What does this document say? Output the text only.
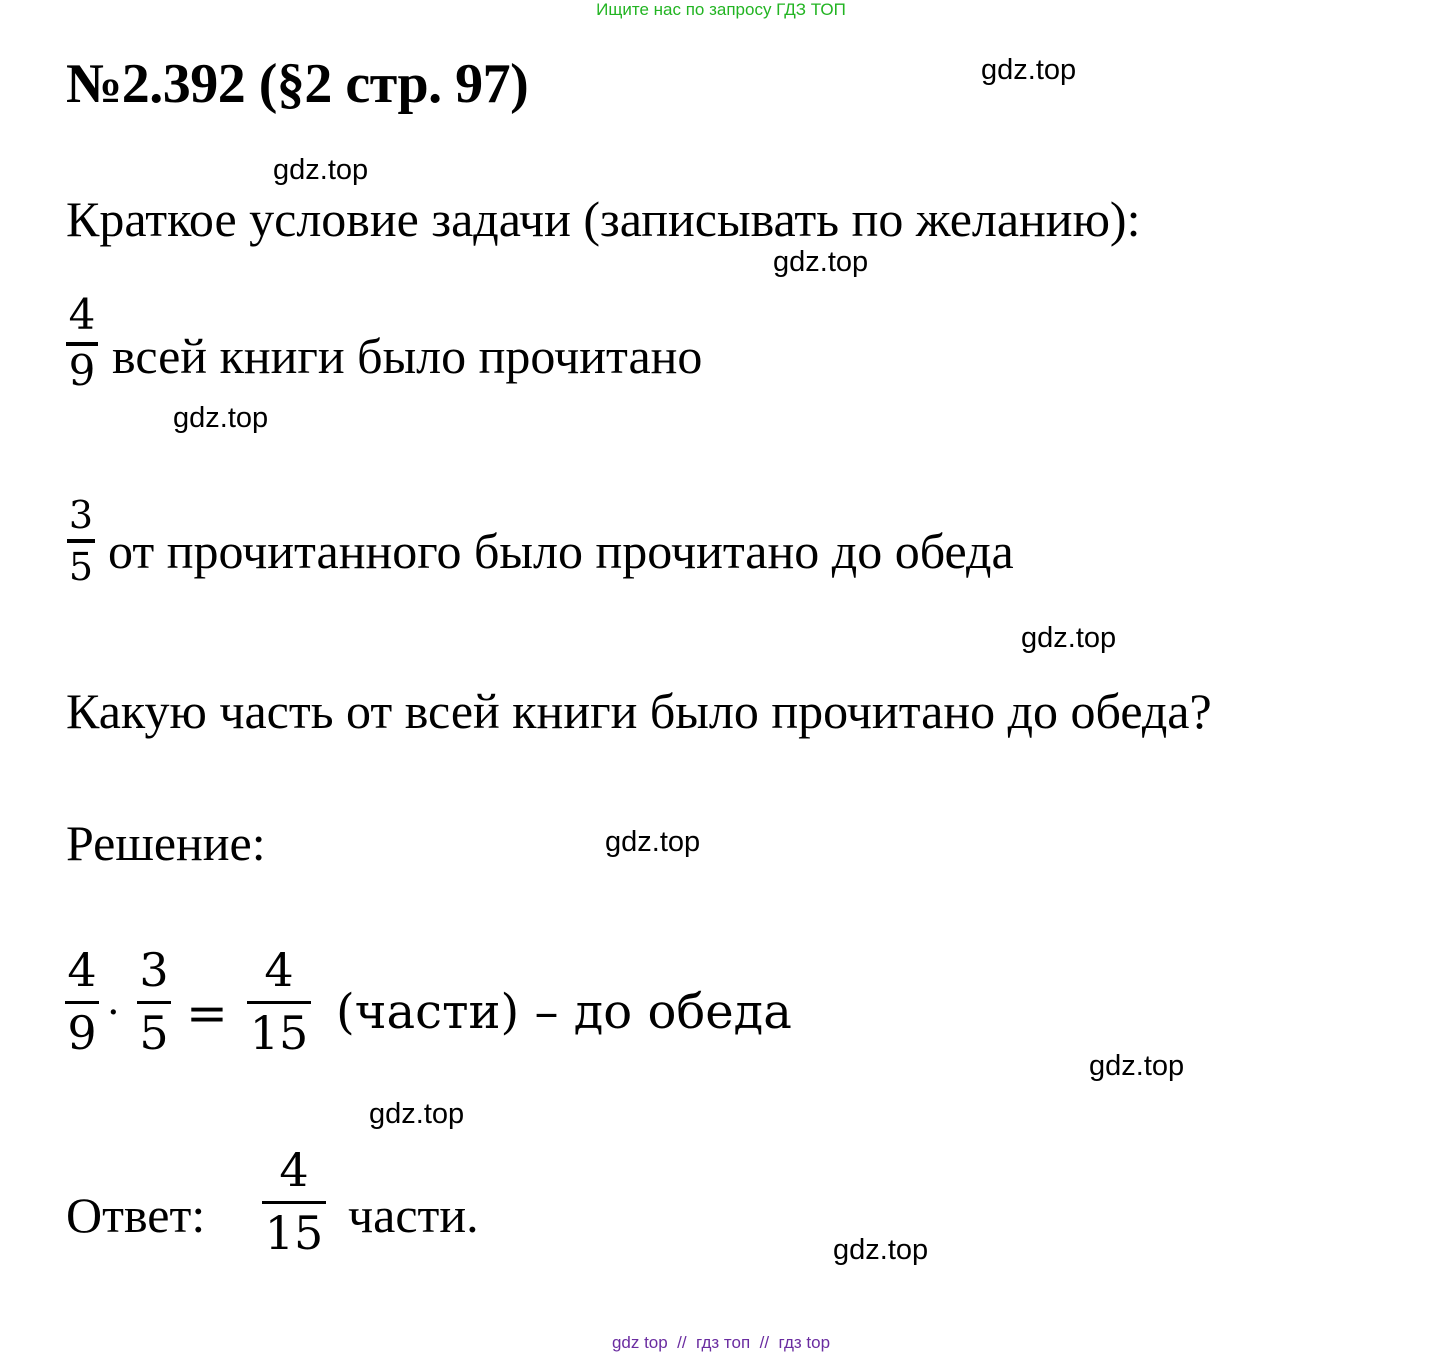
Ищите нас по запросу ГДЗ ТОП
№2.392 (§2 стр. 97)	gdz.top
gdz.top
gdz.top
gdz.top
gdz.top
gdz.top
gdz.top
gdz.top
gdz.top
Краткое условие задачи (записывать по желанию):
4
9 всей книги было прочитано
3
5 от прочитанного было прочитано до обеда
Какую часть от всей книги было прочитано до обеда?
Решение:
4
9 ·
3
5 =
4
15 (части) – до обеда
Ответ:
4
15 части.
gdz top  //  гдз топ  //  гдз top
